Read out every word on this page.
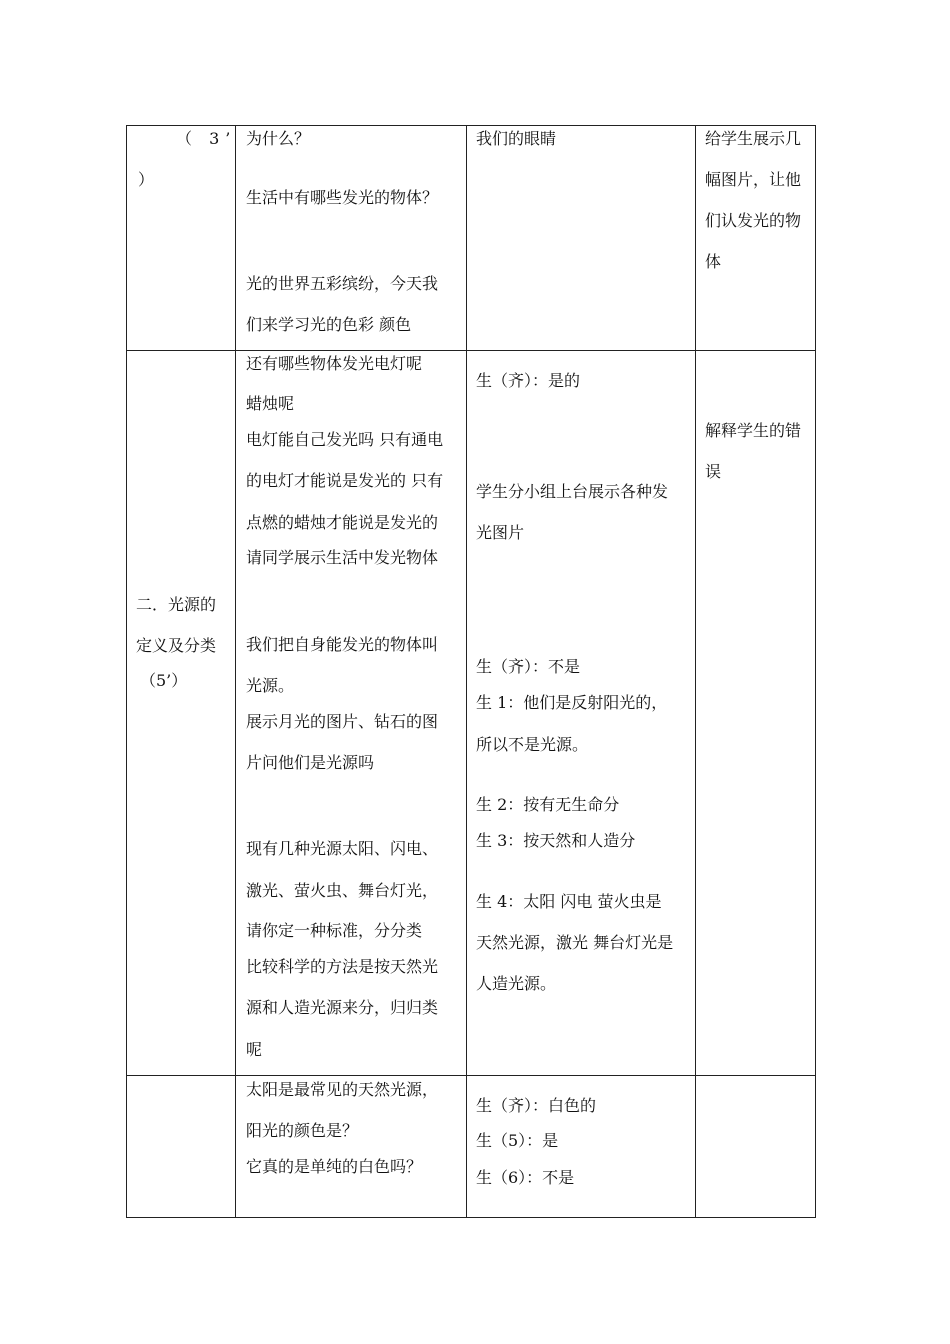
（ 3’
）
为什么？
生活中有哪些发光的物体？
光的世界五彩缤纷，今天我
们来学习光的色彩 颜色
我们的眼睛	给学生展示几
幅图片，让他
们认发光的物
体
二．光源的
定义及分类
（5’）
还有哪些物体发光电灯呢
蜡烛呢
电灯能自己发光吗 只有通电
的电灯才能说是发光的 只有
点燃的蜡烛才能说是发光的
请同学展示生活中发光物体
我们把自身能发光的物体叫
光源。
展示月光的图片、钻石的图
片问他们是光源吗
现有几种光源太阳、闪电、
激光、萤火虫、舞台灯光，
请你定一种标准，分分类
比较科学的方法是按天然光
源和人造光源来分，归归类
呢
生（齐）：是的
学生分小组上台展示各种发
光图片
生（齐）：不是
生 1：他们是反射阳光的，
所以不是光源。
生 2：按有无生命分
生 3：按天然和人造分
生 4：太阳 闪电 萤火虫是
天然光源，激光 舞台灯光是
人造光源。
解释学生的错
误
太阳是最常见的天然光源，
阳光的颜色是？
它真的是单纯的白色吗？
生（齐）：白色的
生（5）：是
生（6）：不是
